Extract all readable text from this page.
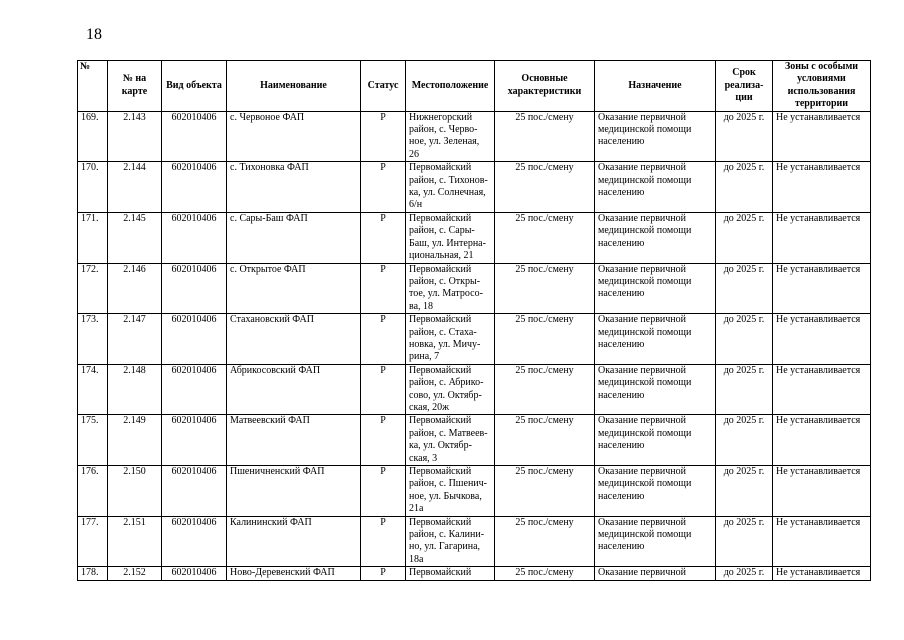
18
№	№ на карте	Вид объекта	Наименование	Статус	Местоположение	Основные характеристики	Назначение	Срок реализа-ции	Зоны с особыми условиями использования территории
169.	2.143	602010406	с. Червоное ФАП	Р	Нижнегорский
район, с. Черво-
ное, ул. Зеленая,
26	25 пос./смену	Оказание первичной медицинской помощи населению	до 2025 г.	Не устанавливается
170.	2.144	602010406	с. Тихоновка ФАП	Р	Первомайский
район, с. Тихонов-
ка, ул. Солнечная,
6/н	25 пос./смену	Оказание первичной медицинской помощи населению	до 2025 г.	Не устанавливается
171.	2.145	602010406	с. Сары-Баш ФАП	Р	Первомайский
район, с. Сары-
Баш, ул. Интерна-
циональная, 21	25 пос./смену	Оказание первичной медицинской помощи населению	до 2025 г.	Не устанавливается
172.	2.146	602010406	с. Открытое ФАП	Р	Первомайский
район, с. Откры-
тое, ул. Матросо-
ва, 18	25 пос./смену	Оказание первичной медицинской помощи населению	до 2025 г.	Не устанавливается
173.	2.147	602010406	Стахановский ФАП	Р	Первомайский
район, с. Стаха-
новка, ул. Мичу-
рина, 7	25 пос./смену	Оказание первичной медицинской помощи населению	до 2025 г.	Не устанавливается
174.	2.148	602010406	Абрикосовский ФАП	Р	Первомайский
район, с. Абрико-
сово, ул. Октябр-
ская, 20ж	25 пос./смену	Оказание первичной медицинской помощи населению	до 2025 г.	Не устанавливается
175.	2.149	602010406	Матвеевский ФАП	Р	Первомайский
район, с. Матвеев-
ка, ул. Октябр-
ская, 3	25 пос./смену	Оказание первичной медицинской помощи населению	до 2025 г.	Не устанавливается
176.	2.150	602010406	Пшеничненский ФАП	Р	Первомайский
район, с. Пшенич-
ное, ул. Бычкова,
21а	25 пос./смену	Оказание первичной медицинской помощи населению	до 2025 г.	Не устанавливается
177.	2.151	602010406	Калининский ФАП	Р	Первомайский
район, с. Калини-
но, ул. Гагарина,
18а	25 пос./смену	Оказание первичной медицинской помощи населению	до 2025 г.	Не устанавливается
178.	2.152	602010406	Ново-Деревенский ФАП	Р	Первомайский	25 пос./смену	Оказание первичной	до 2025 г.	Не устанавливается
